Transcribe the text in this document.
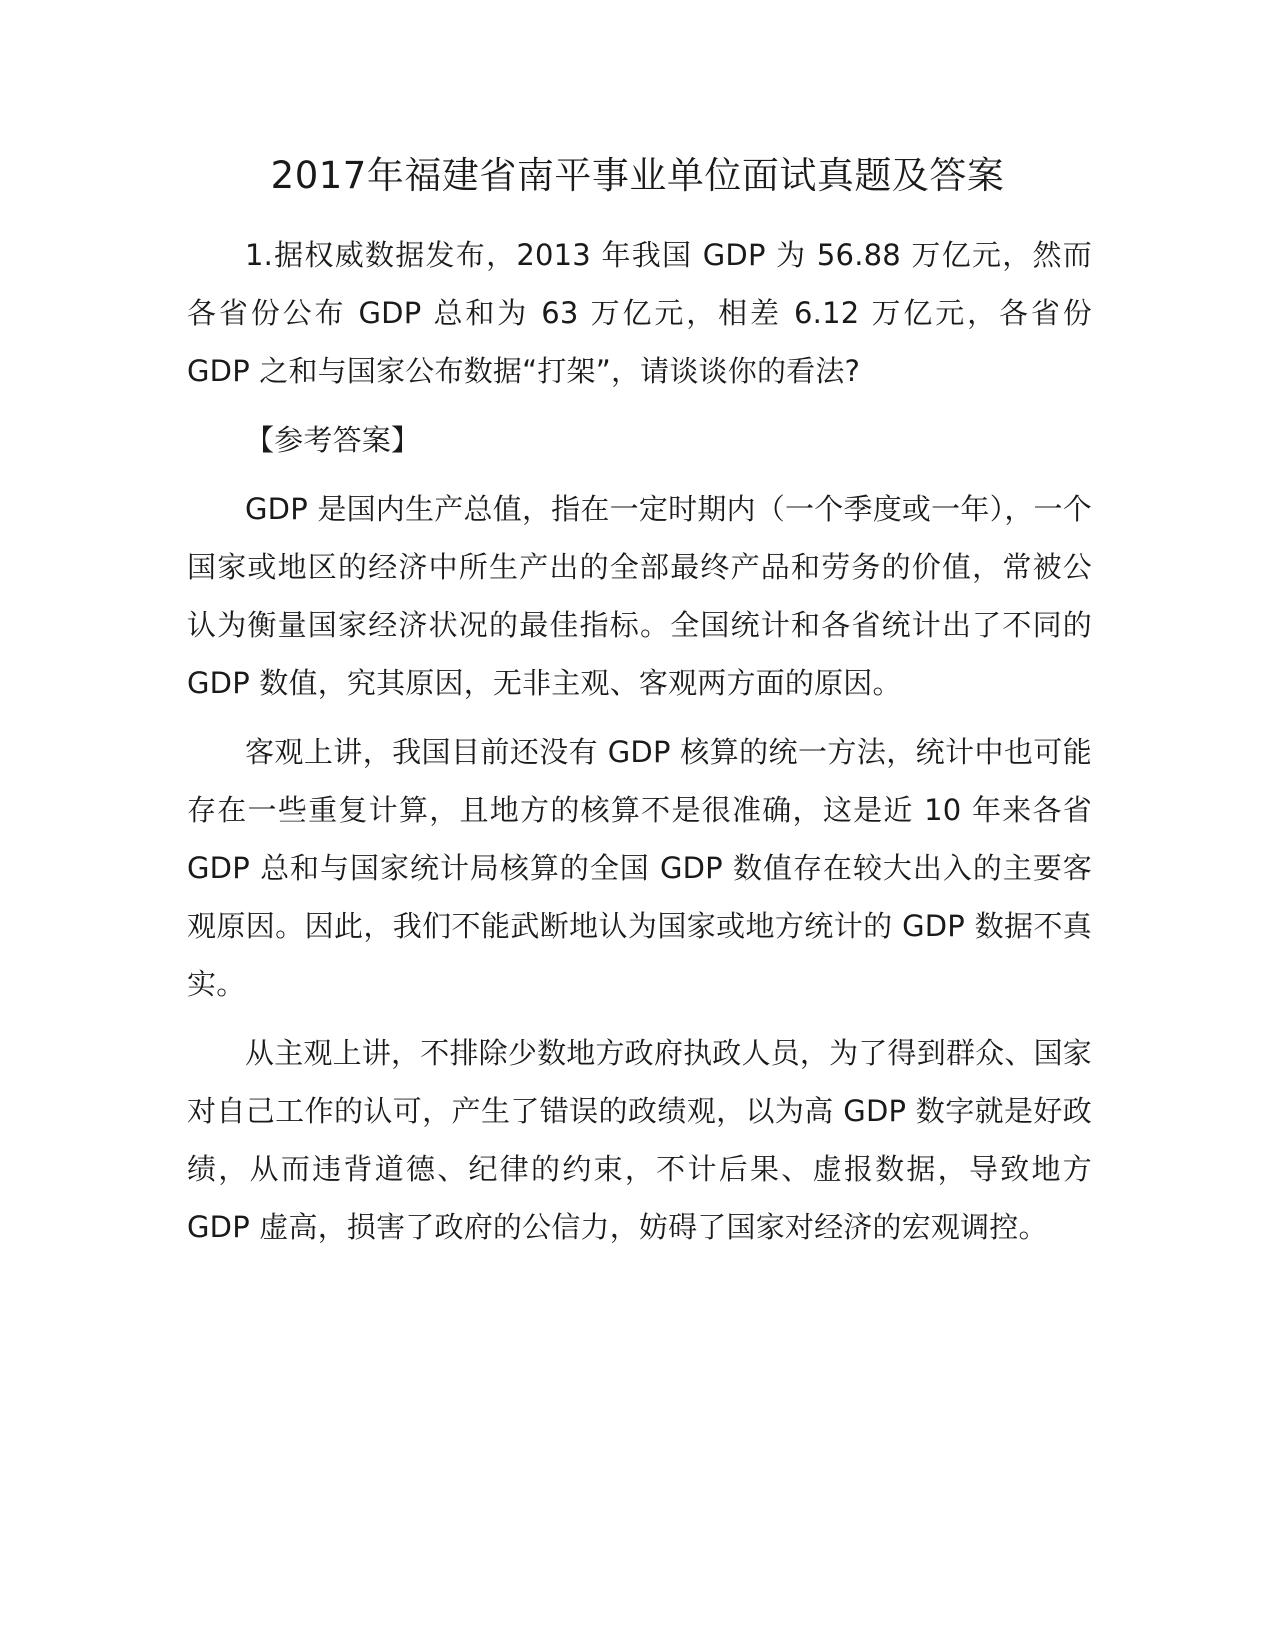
2017年福建省南平事业单位面试真题及答案

1.据权威数据发布，2013 年我国 GDP 为 56.88 万亿元，然而各省份公布 GDP 总和为 63 万亿元，相差 6.12 万亿元，各省份 GDP 之和与国家公布数据“打架”，请谈谈你的看法?

【参考答案】

GDP 是国内生产总值，指在一定时期内（一个季度或一年），一个国家或地区的经济中所生产出的全部最终产品和劳务的价值，常被公认为衡量国家经济状况的最佳指标。全国统计和各省统计出了不同的 GDP 数值，究其原因，无非主观、客观两方面的原因。

客观上讲，我国目前还没有 GDP 核算的统一方法，统计中也可能存在一些重复计算，且地方的核算不是很准确，这是近 10 年来各省 GDP 总和与国家统计局核算的全国 GDP 数值存在较大出入的主要客观原因。因此，我们不能武断地认为国家或地方统计的 GDP 数据不真实。

从主观上讲，不排除少数地方政府执政人员，为了得到群众、国家对自己工作的认可，产生了错误的政绩观，以为高 GDP 数字就是好政绩，从而违背道德、纪律的约束，不计后果、虚报数据，导致地方 GDP 虚高，损害了政府的公信力，妨碍了国家对经济的宏观调控。
